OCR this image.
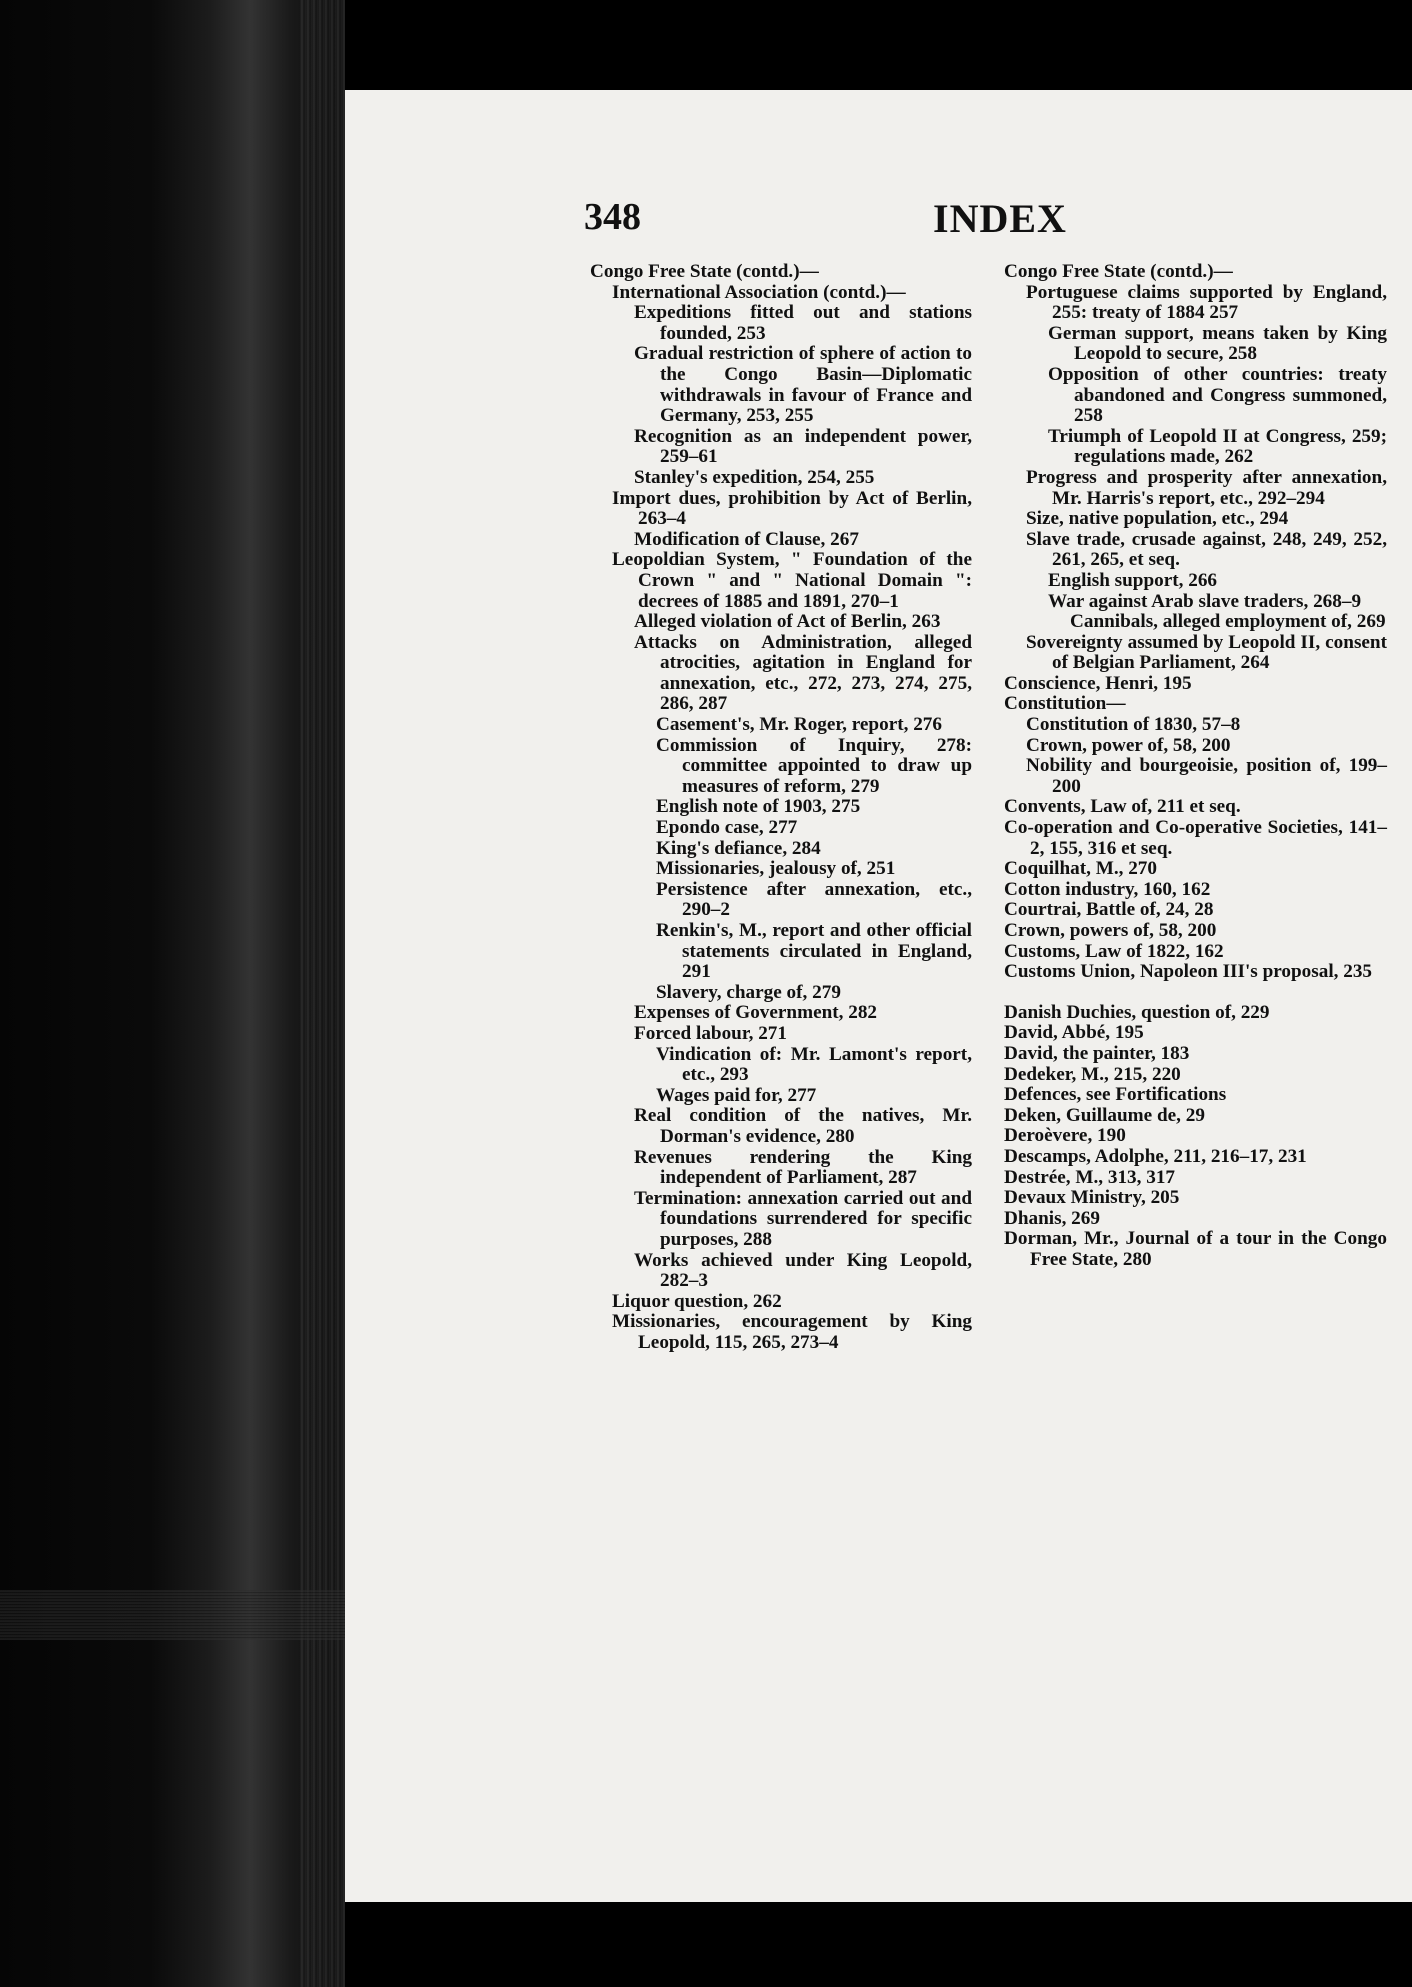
348	INDEX
Congo Free State (contd.)—
International Association (contd.)—
Expeditions fitted out and stations founded, 253
Gradual restriction of sphere of action to the Congo Basin—Diplomatic withdrawals in favour of France and Germany, 253, 255
Recognition as an independent power, 259–61
Stanley's expedition, 254, 255
Import dues, prohibition by Act of Berlin, 263–4
Modification of Clause, 267
Leopoldian System, " Foundation of the Crown " and " National Domain ": decrees of 1885 and 1891, 270–1
Alleged violation of Act of Berlin, 263
Attacks on Administration, alleged atrocities, agitation in England for annexation, etc., 272, 273, 274, 275, 286, 287
Casement's, Mr. Roger, report, 276
Commission of Inquiry, 278: committee appointed to draw up measures of reform, 279
English note of 1903, 275
Epondo case, 277
King's defiance, 284
Missionaries, jealousy of, 251
Persistence after annexation, etc., 290–2
Renkin's, M., report and other official statements circulated in England, 291
Slavery, charge of, 279
Expenses of Government, 282
Forced labour, 271
Vindication of: Mr. Lamont's report, etc., 293
Wages paid for, 277
Real condition of the natives, Mr. Dorman's evidence, 280
Revenues rendering the King independent of Parliament, 287
Termination: annexation carried out and foundations surrendered for specific purposes, 288
Works achieved under King Leopold, 282–3
Liquor question, 262
Missionaries, encouragement by King Leopold, 115, 265, 273–4
Congo Free State (contd.)—
Portuguese claims supported by England, 255: treaty of 1884 257
German support, means taken by King Leopold to secure, 258
Opposition of other countries: treaty abandoned and Congress summoned, 258
Triumph of Leopold II at Congress, 259; regulations made, 262
Progress and prosperity after annexation, Mr. Harris's report, etc., 292–294
Size, native population, etc., 294
Slave trade, crusade against, 248, 249, 252, 261, 265, et seq.
English support, 266
War against Arab slave traders, 268–9
Cannibals, alleged employment of, 269
Sovereignty assumed by Leopold II, consent of Belgian Parliament, 264
Conscience, Henri, 195
Constitution—
Constitution of 1830, 57–8
Crown, power of, 58, 200
Nobility and bourgeoisie, position of, 199–200
Convents, Law of, 211 et seq.
Co-operation and Co-operative Societies, 141–2, 155, 316 et seq.
Coquilhat, M., 270
Cotton industry, 160, 162
Courtrai, Battle of, 24, 28
Crown, powers of, 58, 200
Customs, Law of 1822, 162
Customs Union, Napoleon III's proposal, 235
Danish Duchies, question of, 229
David, Abbé, 195
David, the painter, 183
Dedeker, M., 215, 220
Defences, see Fortifications
Deken, Guillaume de, 29
Deroèvere, 190
Descamps, Adolphe, 211, 216–17, 231
Destrée, M., 313, 317
Devaux Ministry, 205
Dhanis, 269
Dorman, Mr., Journal of a tour in the Congo Free State, 280
